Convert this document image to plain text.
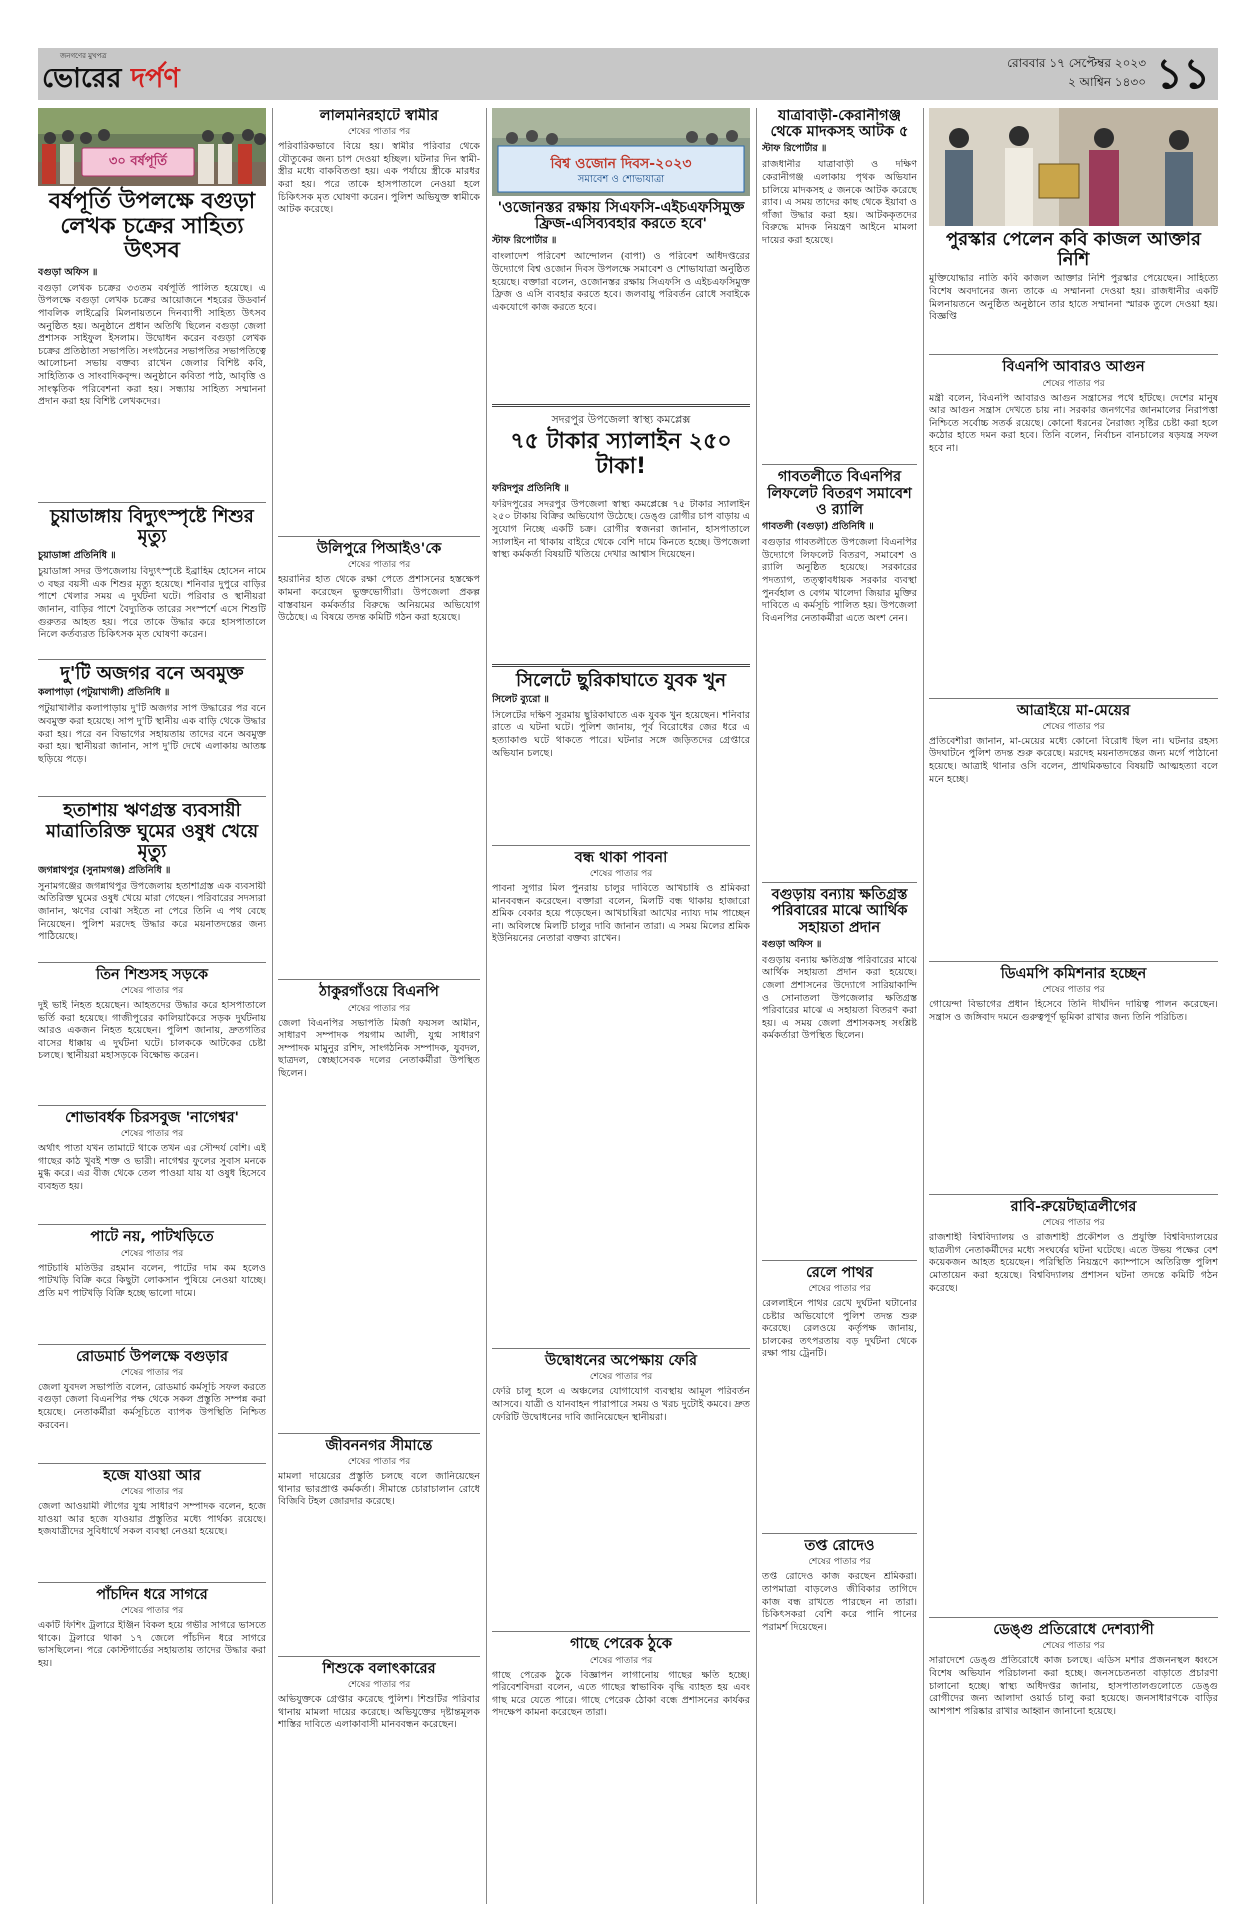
জনগণের মুখপত্র
ভোরের দর্পণ	রোববার ১৭ সেপ্টেম্বর ২০২৩
২ আশ্বিন ১৪৩০ ১১
৩০ বর্ষপূর্তি
বর্ষপূর্তি উপলক্ষে বগুড়া লেখক চক্রের সাহিত্য উৎসব
বগুড়া অফিস ॥
বগুড়া লেখক চক্রের ৩৩তম বর্ষপূর্তি পালিত হয়েছে। এ উপলক্ষে বগুড়া লেখক চক্রের আয়োজনে শহরের উডবার্ন পাবলিক লাইব্রেরি মিলনায়তনে দিনব্যাপী সাহিত্য উৎসব অনুষ্ঠিত হয়। অনুষ্ঠানে প্রধান অতিথি ছিলেন বগুড়া জেলা প্রশাসক সাইফুল ইসলাম। উদ্বোধন করেন বগুড়া লেখক চক্রের প্রতিষ্ঠাতা সভাপতি। সংগঠনের সভাপতির সভাপতিত্বে আলোচনা সভায় বক্তব্য রাখেন জেলার বিশিষ্ট কবি, সাহিত্যিক ও সাংবাদিকবৃন্দ। অনুষ্ঠানে কবিতা পাঠ, আবৃত্তি ও সাংস্কৃতিক পরিবেশনা করা হয়। সন্ধ্যায় সাহিত্য সম্মাননা প্রদান করা হয় বিশিষ্ট লেখকদের।
চুয়াডাঙ্গায় বিদ্যুৎস্পৃষ্টে শিশুর মৃত্যু
চুয়াডাঙ্গা প্রতিনিধি ॥
চুয়াডাঙ্গা সদর উপজেলায় বিদ্যুৎস্পৃষ্টে ইব্রাহিম হোসেন নামে ৩ বছর বয়সী এক শিশুর মৃত্যু হয়েছে। শনিবার দুপুরে বাড়ির পাশে খেলার সময় এ দুর্ঘটনা ঘটে। পরিবার ও স্থানীয়রা জানান, বাড়ির পাশে বৈদ্যুতিক তারের সংস্পর্শে এসে শিশুটি গুরুতর আহত হয়। পরে তাকে উদ্ধার করে হাসপাতালে নিলে কর্তব্যরত চিকিৎসক মৃত ঘোষণা করেন।
দু'টি অজগর বনে অবমুক্ত
কলাপাড়া (পটুয়াখালী) প্রতিনিধি ॥
পটুয়াখালীর কলাপাড়ায় দু'টি অজগর সাপ উদ্ধারের পর বনে অবমুক্ত করা হয়েছে। সাপ দু'টি স্থানীয় এক বাড়ি থেকে উদ্ধার করা হয়। পরে বন বিভাগের সহায়তায় তাদের বনে অবমুক্ত করা হয়। স্থানীয়রা জানান, সাপ দু'টি দেখে এলাকায় আতঙ্ক ছড়িয়ে পড়ে।
হতাশায় ঋণগ্রস্ত ব্যবসায়ী মাত্রাতিরিক্ত ঘুমের ওষুধ খেয়ে মৃত্যু
জগন্নাথপুর (সুনামগঞ্জ) প্রতিনিধি ॥
সুনামগঞ্জের জগন্নাথপুর উপজেলায় হতাশাগ্রস্ত এক ব্যবসায়ী অতিরিক্ত ঘুমের ওষুধ খেয়ে মারা গেছেন। পরিবারের সদস্যরা জানান, ঋণের বোঝা সইতে না পেরে তিনি এ পথ বেছে নিয়েছেন। পুলিশ মরদেহ উদ্ধার করে ময়নাতদন্তের জন্য পাঠিয়েছে।
তিন শিশুসহ সড়কে
শেষের পাতার পর
দুই ভাই নিহত হয়েছেন। আহতদের উদ্ধার করে হাসপাতালে ভর্তি করা হয়েছে। গাজীপুরের কালিয়াকৈরে সড়ক দুর্ঘটনায় আরও একজন নিহত হয়েছেন। পুলিশ জানায়, দ্রুতগতির বাসের ধাক্কায় এ দুর্ঘটনা ঘটে। চালককে আটকের চেষ্টা চলছে। স্থানীয়রা মহাসড়কে বিক্ষোভ করেন।
শোভাবর্ধক চিরসবুজ 'নাগেশ্বর'
শেষের পাতার পর
অর্থাৎ পাতা যখন তামাটে থাকে তখন এর সৌন্দর্য বেশি। এই গাছের কাঠ খুবই শক্ত ও ভারী। নাগেশ্বর ফুলের সুবাস মনকে মুগ্ধ করে। এর বীজ থেকে তেল পাওয়া যায় যা ওষুধ হিসেবে ব্যবহৃত হয়।
পাটে নয়, পাটখড়িতে
শেষের পাতার পর
পাটচাষি মতিউর রহমান বলেন, পাটের দাম কম হলেও পাটখড়ি বিক্রি করে কিছুটা লোকসান পুষিয়ে নেওয়া যাচ্ছে। প্রতি মণ পাটখড়ি বিক্রি হচ্ছে ভালো দামে।
রোডমার্চ উপলক্ষে বগুড়ার
শেষের পাতার পর
জেলা যুবদল সভাপতি বলেন, রোডমার্চ কর্মসূচি সফল করতে বগুড়া জেলা বিএনপির পক্ষ থেকে সকল প্রস্তুতি সম্পন্ন করা হয়েছে। নেতাকর্মীরা কর্মসূচিতে ব্যাপক উপস্থিতি নিশ্চিত করবেন।
হজে যাওয়া আর
শেষের পাতার পর
জেলা আওয়ামী লীগের যুগ্ম সাধারণ সম্পাদক বলেন, হজে যাওয়া আর হজে যাওয়ার প্রস্তুতির মধ্যে পার্থক্য রয়েছে। হজযাত্রীদের সুবিধার্থে সকল ব্যবস্থা নেওয়া হয়েছে।
পাঁচদিন ধরে সাগরে
শেষের পাতার পর
একটি ফিশিং ট্রলারে ইঞ্জিন বিকল হয়ে গভীর সাগরে ভাসতে থাকে। ট্রলারে থাকা ১৭ জেলে পাঁচদিন ধরে সাগরে ভাসছিলেন। পরে কোস্টগার্ডের সহায়তায় তাদের উদ্ধার করা হয়।
লালমনিরহাটে স্বামীর
শেষের পাতার পর
পরিবারিকভাবে বিয়ে হয়। স্বামীর পরিবার থেকে যৌতুকের জন্য চাপ দেওয়া হচ্ছিল। ঘটনার দিন স্বামী-স্ত্রীর মধ্যে বাকবিতণ্ডা হয়। এক পর্যায়ে স্ত্রীকে মারধর করা হয়। পরে তাকে হাসপাতালে নেওয়া হলে চিকিৎসক মৃত ঘোষণা করেন। পুলিশ অভিযুক্ত স্বামীকে আটক করেছে।
উলিপুরে পিআইও'কে
শেষের পাতার পর
হয়রানির হাত থেকে রক্ষা পেতে প্রশাসনের হস্তক্ষেপ কামনা করেছেন ভুক্তভোগীরা। উপজেলা প্রকল্প বাস্তবায়ন কর্মকর্তার বিরুদ্ধে অনিয়মের অভিযোগ উঠেছে। এ বিষয়ে তদন্ত কমিটি গঠন করা হয়েছে।
ঠাকুরগাঁওয়ে বিএনপি
শেষের পাতার পর
জেলা বিএনপির সভাপতি মির্জা ফয়সল আমীন, সাধারণ সম্পাদক পয়গাম আলী, যুগ্ম সাধারণ সম্পাদক মামুনুর রশিদ, সাংগঠনিক সম্পাদক, যুবদল, ছাত্রদল, স্বেচ্ছাসেবক দলের নেতাকর্মীরা উপস্থিত ছিলেন।
জীবননগর সীমান্তে
শেষের পাতার পর
মামলা দায়েরের প্রস্তুতি চলছে বলে জানিয়েছেন থানার ভারপ্রাপ্ত কর্মকর্তা। সীমান্তে চোরাচালান রোধে বিজিবি টহল জোরদার করেছে।
শিশুকে বলাৎকারের
শেষের পাতার পর
অভিযুক্তকে গ্রেপ্তার করেছে পুলিশ। শিশুটির পরিবার থানায় মামলা দায়ের করেছে। অভিযুক্তের দৃষ্টান্তমূলক শাস্তির দাবিতে এলাকাবাসী মানববন্ধন করেছেন।
বিশ্ব ওজোন দিবস-২০২৩
সমাবেশ ও শোভাযাত্রা
'ওজোনস্তর রক্ষায় সিএফসি-এইচএফসিমুক্ত ফ্রিজ-এসিব্যবহার করতে হবে'
স্টাফ রিপোর্টার ॥
বাংলাদেশ পরিবেশ আন্দোলন (বাপা) ও পরিবেশ অধিদপ্তরের উদ্যোগে বিশ্ব ওজোন দিবস উপলক্ষে সমাবেশ ও শোভাযাত্রা অনুষ্ঠিত হয়েছে। বক্তারা বলেন, ওজোনস্তর রক্ষায় সিএফসি ও এইচএফসিমুক্ত ফ্রিজ ও এসি ব্যবহার করতে হবে। জলবায়ু পরিবর্তন রোধে সবাইকে একযোগে কাজ করতে হবে।
সদরপুর উপজেলা স্বাস্থ্য কমপ্লেক্স
৭৫ টাকার স্যালাইন ২৫০ টাকা!
ফরিদপুর প্রতিনিধি ॥
ফরিদপুরের সদরপুর উপজেলা স্বাস্থ্য কমপ্লেক্সে ৭৫ টাকার স্যালাইন ২৫০ টাকায় বিক্রির অভিযোগ উঠেছে। ডেঙ্গু রোগীর চাপ বাড়ায় এ সুযোগ নিচ্ছে একটি চক্র। রোগীর স্বজনরা জানান, হাসপাতালে স্যালাইন না থাকায় বাইরে থেকে বেশি দামে কিনতে হচ্ছে। উপজেলা স্বাস্থ্য কর্মকর্তা বিষয়টি খতিয়ে দেখার আশ্বাস দিয়েছেন।
সিলেটে ছুরিকাঘাতে যুবক খুন
সিলেট ব্যুরো ॥
সিলেটের দক্ষিণ সুরমায় ছুরিকাঘাতে এক যুবক খুন হয়েছেন। শনিবার রাতে এ ঘটনা ঘটে। পুলিশ জানায়, পূর্ব বিরোধের জের ধরে এ হত্যাকাণ্ড ঘটে থাকতে পারে। ঘটনার সঙ্গে জড়িতদের গ্রেপ্তারে অভিযান চলছে।
বন্ধ থাকা পাবনা
শেষের পাতার পর
পাবনা সুগার মিল পুনরায় চালুর দাবিতে আখচাষি ও শ্রমিকরা মানববন্ধন করেছেন। বক্তারা বলেন, মিলটি বন্ধ থাকায় হাজারো শ্রমিক বেকার হয়ে পড়েছেন। আখচাষিরা আখের ন্যায্য দাম পাচ্ছেন না। অবিলম্বে মিলটি চালুর দাবি জানান তারা। এ সময় মিলের শ্রমিক ইউনিয়নের নেতারা বক্তব্য রাখেন।
উদ্বোধনের অপেক্ষায় ফেরি
শেষের পাতার পর
ফেরি চালু হলে এ অঞ্চলের যোগাযোগ ব্যবস্থায় আমূল পরিবর্তন আসবে। যাত্রী ও যানবাহন পারাপারে সময় ও খরচ দুটোই কমবে। দ্রুত ফেরিটি উদ্বোধনের দাবি জানিয়েছেন স্থানীয়রা।
গাছে পেরেক ঠুকে
শেষের পাতার পর
গাছে পেরেক ঠুকে বিজ্ঞাপন লাগানোয় গাছের ক্ষতি হচ্ছে। পরিবেশবিদরা বলেন, এতে গাছের স্বাভাবিক বৃদ্ধি ব্যাহত হয় এবং গাছ মরে যেতে পারে। গাছে পেরেক ঠোকা বন্ধে প্রশাসনের কার্যকর পদক্ষেপ কামনা করেছেন তারা।
যাত্রাবাড়ী-কেরানীগঞ্জ থেকে মাদকসহ আটক ৫
স্টাফ রিপোর্টার ॥
রাজধানীর যাত্রাবাড়ী ও দক্ষিণ কেরানীগঞ্জ এলাকায় পৃথক অভিযান চালিয়ে মাদকসহ ৫ জনকে আটক করেছে র‍্যাব। এ সময় তাদের কাছ থেকে ইয়াবা ও গাঁজা উদ্ধার করা হয়। আটককৃতদের বিরুদ্ধে মাদক নিয়ন্ত্রণ আইনে মামলা দায়ের করা হয়েছে।
গাবতলীতে বিএনপির লিফলেট বিতরণ সমাবেশ ও র‍্যালি
গাবতলী (বগুড়া) প্রতিনিধি ॥
বগুড়ার গাবতলীতে উপজেলা বিএনপির উদ্যোগে লিফলেট বিতরণ, সমাবেশ ও র‍্যালি অনুষ্ঠিত হয়েছে। সরকারের পদত্যাগ, তত্ত্বাবধায়ক সরকার ব্যবস্থা পুনর্বহাল ও বেগম খালেদা জিয়ার মুক্তির দাবিতে এ কর্মসূচি পালিত হয়। উপজেলা বিএনপির নেতাকর্মীরা এতে অংশ নেন।
বগুড়ায় বন্যায় ক্ষতিগ্রস্ত পরিবারের মাঝে আর্থিক সহায়তা প্রদান
বগুড়া অফিস ॥
বগুড়ায় বন্যায় ক্ষতিগ্রস্ত পরিবারের মাঝে আর্থিক সহায়তা প্রদান করা হয়েছে। জেলা প্রশাসনের উদ্যোগে সারিয়াকান্দি ও সোনাতলা উপজেলার ক্ষতিগ্রস্ত পরিবারের মাঝে এ সহায়তা বিতরণ করা হয়। এ সময় জেলা প্রশাসকসহ সংশ্লিষ্ট কর্মকর্তারা উপস্থিত ছিলেন।
রেলে পাথর
শেষের পাতার পর
রেললাইনে পাথর রেখে দুর্ঘটনা ঘটানোর চেষ্টার অভিযোগে পুলিশ তদন্ত শুরু করেছে। রেলওয়ে কর্তৃপক্ষ জানায়, চালকের তৎপরতায় বড় দুর্ঘটনা থেকে রক্ষা পায় ট্রেনটি।
তপ্ত রোদেও
শেষের পাতার পর
তপ্ত রোদেও কাজ করছেন শ্রমিকরা। তাপমাত্রা বাড়লেও জীবিকার তাগিদে কাজ বন্ধ রাখতে পারছেন না তারা। চিকিৎসকরা বেশি করে পানি পানের পরামর্শ দিয়েছেন।
পুরস্কার পেলেন কবি কাজল আক্তার নিশি
মুক্তিযোদ্ধার নাতি কবি কাজল আক্তার নিশি পুরস্কার পেয়েছেন। সাহিত্যে বিশেষ অবদানের জন্য তাকে এ সম্মাননা দেওয়া হয়। রাজধানীর একটি মিলনায়তনে অনুষ্ঠিত অনুষ্ঠানে তার হাতে সম্মাননা স্মারক তুলে দেওয়া হয়। বিজ্ঞপ্তি
বিএনপি আবারও আগুন
শেষের পাতার পর
মন্ত্রী বলেন, বিএনপি আবারও আগুন সন্ত্রাসের পথে হাঁটছে। দেশের মানুষ আর আগুন সন্ত্রাস দেখতে চায় না। সরকার জনগণের জানমালের নিরাপত্তা নিশ্চিতে সর্বোচ্চ সতর্ক রয়েছে। কোনো ধরনের নৈরাজ্য সৃষ্টির চেষ্টা করা হলে কঠোর হাতে দমন করা হবে। তিনি বলেন, নির্বাচন বানচালের ষড়যন্ত্র সফল হবে না।
আত্রাইয়ে মা-মেয়ের
শেষের পাতার পর
প্রতিবেশীরা জানান, মা-মেয়ের মধ্যে কোনো বিরোধ ছিল না। ঘটনার রহস্য উদঘাটনে পুলিশ তদন্ত শুরু করেছে। মরদেহ ময়নাতদন্তের জন্য মর্গে পাঠানো হয়েছে। আত্রাই থানার ওসি বলেন, প্রাথমিকভাবে বিষয়টি আত্মহত্যা বলে মনে হচ্ছে।
ডিএমপি কমিশনার হচ্ছেন
শেষের পাতার পর
গোয়েন্দা বিভাগের প্রধান হিসেবে তিনি দীর্ঘদিন দায়িত্ব পালন করেছেন। সন্ত্রাস ও জঙ্গিবাদ দমনে গুরুত্বপূর্ণ ভূমিকা রাখার জন্য তিনি পরিচিত।
রাবি-রুয়েটছাত্রলীগের
শেষের পাতার পর
রাজশাহী বিশ্ববিদ্যালয় ও রাজশাহী প্রকৌশল ও প্রযুক্তি বিশ্ববিদ্যালয়ের ছাত্রলীগ নেতাকর্মীদের মধ্যে সংঘর্ষের ঘটনা ঘটেছে। এতে উভয় পক্ষের বেশ কয়েকজন আহত হয়েছেন। পরিস্থিতি নিয়ন্ত্রণে ক্যাম্পাসে অতিরিক্ত পুলিশ মোতায়েন করা হয়েছে। বিশ্ববিদ্যালয় প্রশাসন ঘটনা তদন্তে কমিটি গঠন করেছে।
ডেঙ্গু প্রতিরোধে দেশব্যাপী
শেষের পাতার পর
সারাদেশে ডেঙ্গু প্রতিরোধে কাজ চলছে। এডিস মশার প্রজননস্থল ধ্বংসে বিশেষ অভিযান পরিচালনা করা হচ্ছে। জনসচেতনতা বাড়াতে প্রচারণা চালানো হচ্ছে। স্বাস্থ্য অধিদপ্তর জানায়, হাসপাতালগুলোতে ডেঙ্গু রোগীদের জন্য আলাদা ওয়ার্ড চালু করা হয়েছে। জনসাধারণকে বাড়ির আশপাশ পরিষ্কার রাখার আহ্বান জানানো হয়েছে।
